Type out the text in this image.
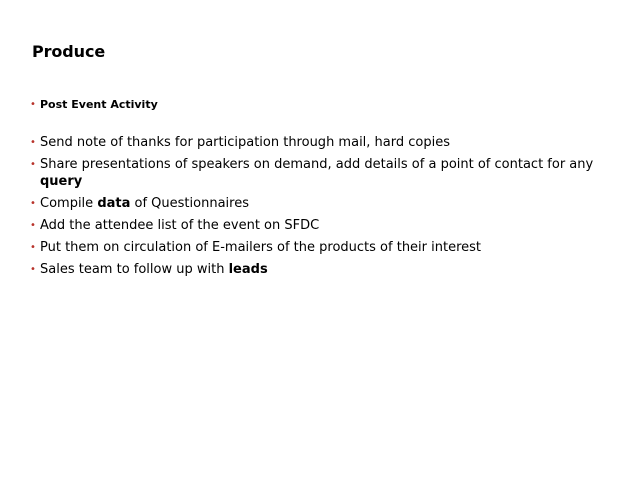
Produce
• Post Event Activity
• Send note of thanks for participation through mail, hard copies
• Share presentations of speakers on demand, add details of a point of contact for any query
• Compile data of Questionnaires
• Add the attendee list of the event on SFDC
• Put them on circulation of E-mailers of the products of their interest
• Sales team to follow up with leads
